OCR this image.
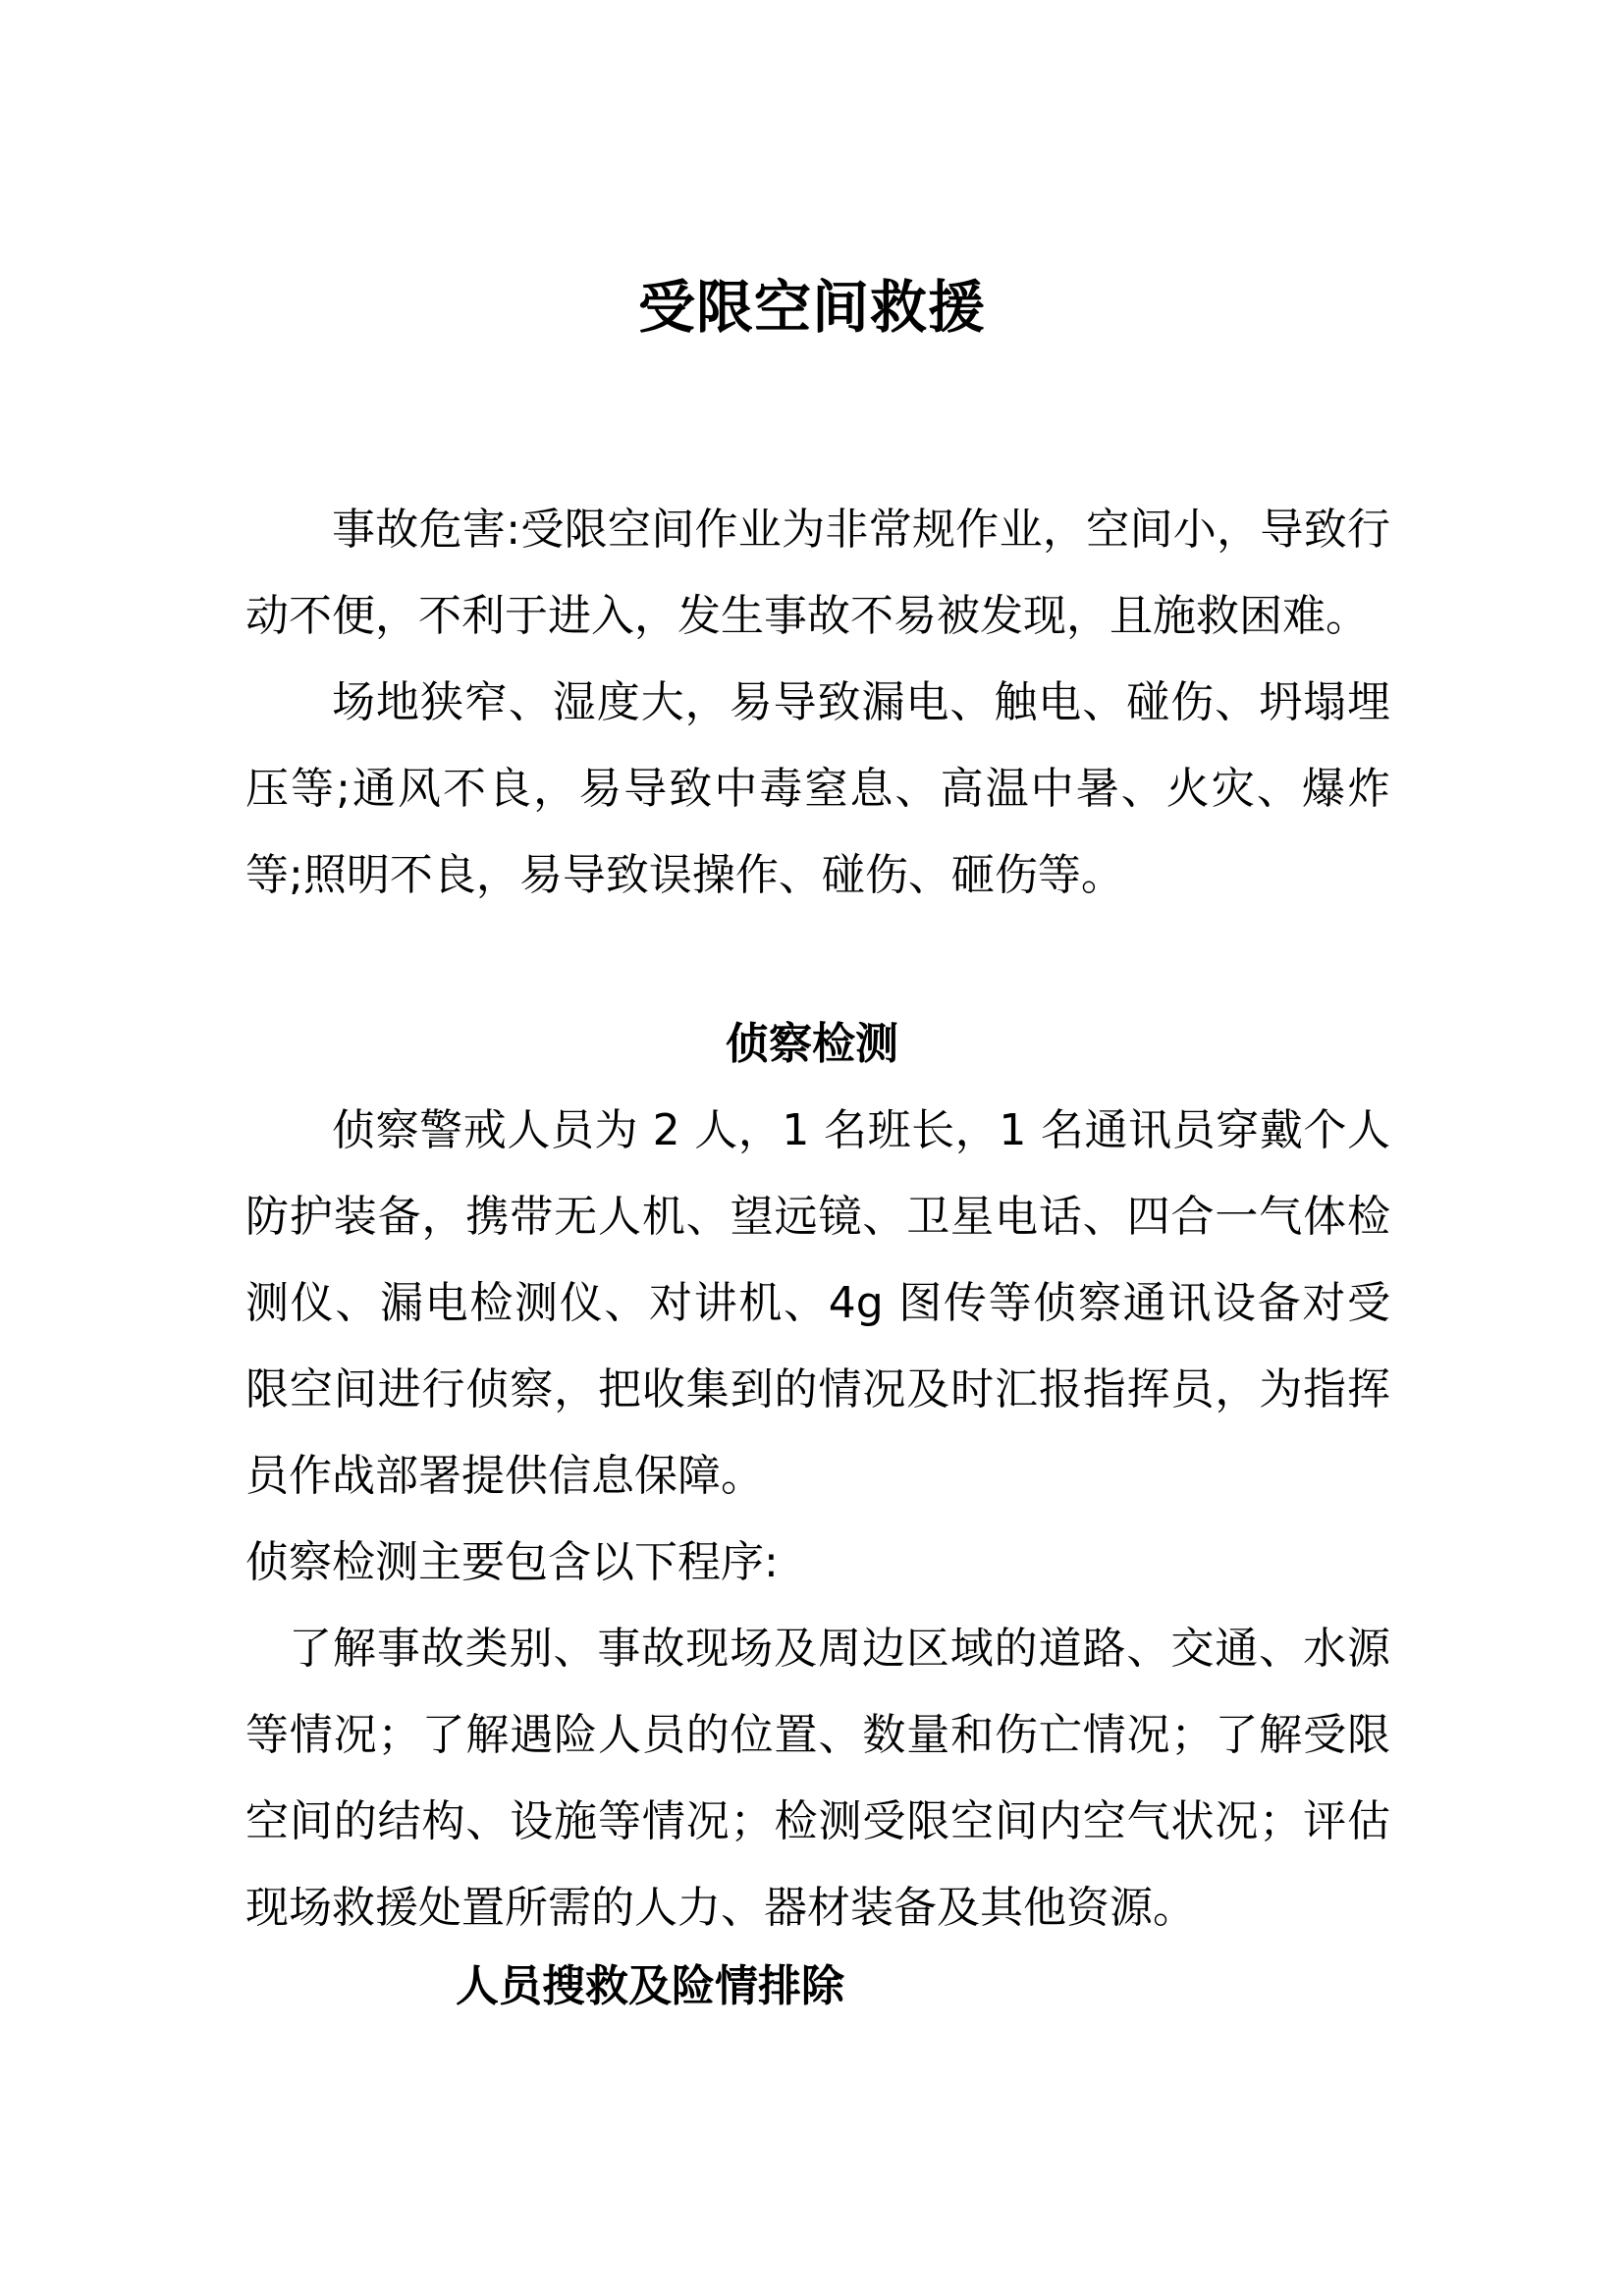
受限空间救援

事故危害:受限空间作业为非常规作业，空间小，导致行动不便，不利于进入，发生事故不易被发现，且施救困难。

场地狭窄、湿度大，易导致漏电、触电、碰伤、坍塌埋压等;通风不良，易导致中毒窒息、高温中暑、火灾、爆炸等;照明不良，易导致误操作、碰伤、砸伤等。

侦察检测

侦察警戒人员为 2 人，1 名班长，1 名通讯员穿戴个人防护装备，携带无人机、望远镜、卫星电话、四合一气体检测仪、漏电检测仪、对讲机、4g 图传等侦察通讯设备对受限空间进行侦察，把收集到的情况及时汇报指挥员，为指挥员作战部署提供信息保障。

侦察检测主要包含以下程序:

了解事故类别、事故现场及周边区域的道路、交通、水源等情况；了解遇险人员的位置、数量和伤亡情况；了解受限空间的结构、设施等情况；检测受限空间内空气状况；评估现场救援处置所需的人力、器材装备及其他资源。

人员搜救及险情排除
